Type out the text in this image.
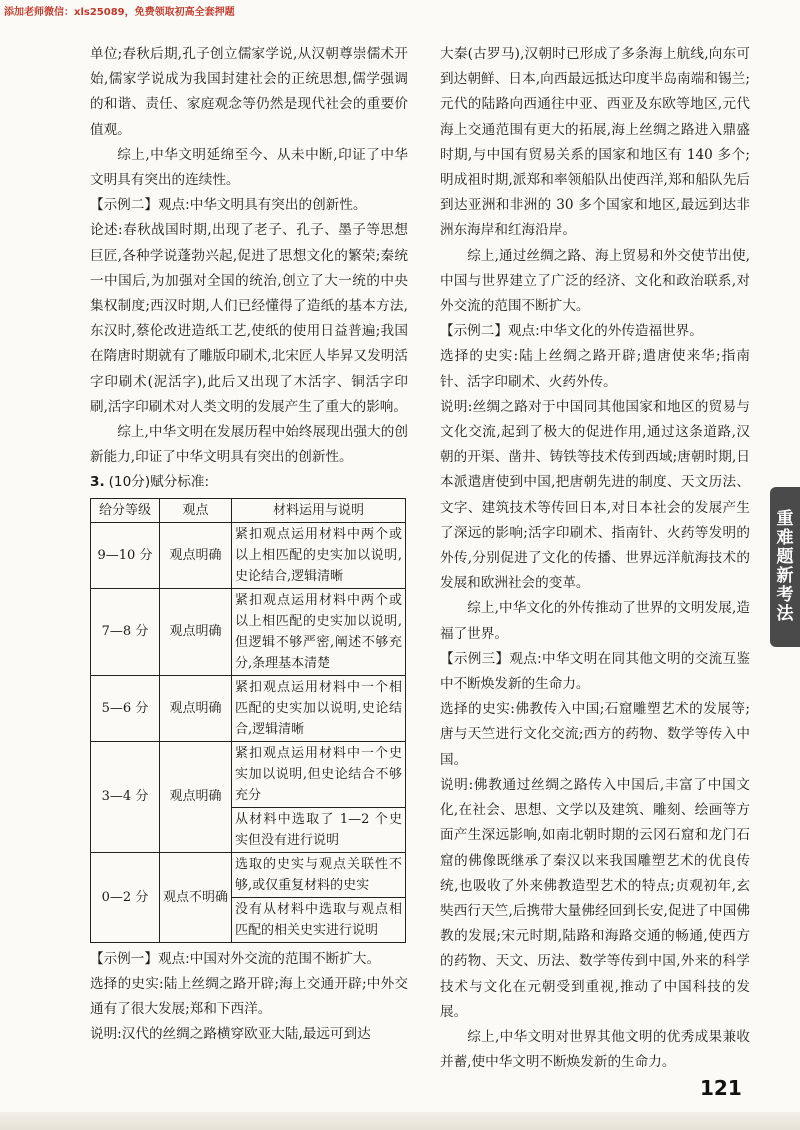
添加老师微信：xls25089，免费领取初高全套押题

单位;春秋后期,孔子创立儒家学说,从汉朝尊崇儒术开始,儒家学说成为我国封建社会的正统思想,儒学强调的和谐、责任、家庭观念等仍然是现代社会的重要价值观。

综上,中华文明延绵至今、从未中断,印证了中华文明具有突出的连续性。

【示例二】观点:中华文明具有突出的创新性。

论述:春秋战国时期,出现了老子、孔子、墨子等思想巨匠,各种学说蓬勃兴起,促进了思想文化的繁荣;秦统一中国后,为加强对全国的统治,创立了大一统的中央集权制度;西汉时期,人们已经懂得了造纸的基本方法,东汉时,蔡伦改进造纸工艺,使纸的使用日益普遍;我国在隋唐时期就有了雕版印刷术,北宋匠人毕昇又发明活字印刷术(泥活字),此后又出现了木活字、铜活字印刷,活字印刷术对人类文明的发展产生了重大的影响。

综上,中华文明在发展历程中始终展现出强大的创新能力,印证了中华文明具有突出的创新性。

3. (10分)赋分标准:

给分等级	观点	材料运用与说明
9—10 分	观点明确	紧扣观点运用材料中两个或以上相匹配的史实加以说明,史论结合,逻辑清晰
7—8 分	观点明确	紧扣观点运用材料中两个或以上相匹配的史实加以说明,但逻辑不够严密,阐述不够充分,条理基本清楚
5—6 分	观点明确	紧扣观点运用材料中一个相匹配的史实加以说明,史论结合,逻辑清晰
3—4 分	观点明确	紧扣观点运用材料中一个史实加以说明,但史论结合不够充分
		从材料中选取了 1—2 个史实但没有进行说明
0—2 分	观点不明确	选取的史实与观点关联性不够,或仅重复材料的史实
		没有从材料中选取与观点相匹配的相关史实进行说明

【示例一】观点:中国对外交流的范围不断扩大。

选择的史实:陆上丝绸之路开辟;海上交通开辟;中外交通有了很大发展;郑和下西洋。

说明:汉代的丝绸之路横穿欧亚大陆,最远可到达

大秦(古罗马),汉朝时已形成了多条海上航线,向东可到达朝鲜、日本,向西最远抵达印度半岛南端和锡兰;元代的陆路向西通往中亚、西亚及东欧等地区,元代海上交通范围有更大的拓展,海上丝绸之路进入鼎盛时期,与中国有贸易关系的国家和地区有 140 多个;明成祖时期,派郑和率领船队出使西洋,郑和船队先后到达亚洲和非洲的 30 多个国家和地区,最远到达非洲东海岸和红海沿岸。

综上,通过丝绸之路、海上贸易和外交使节出使,中国与世界建立了广泛的经济、文化和政治联系,对外交流的范围不断扩大。

【示例二】观点:中华文化的外传造福世界。

选择的史实:陆上丝绸之路开辟;遣唐使来华;指南针、活字印刷术、火药外传。

说明:丝绸之路对于中国同其他国家和地区的贸易与文化交流,起到了极大的促进作用,通过这条道路,汉朝的开渠、凿井、铸铁等技术传到西域;唐朝时期,日本派遣唐使到中国,把唐朝先进的制度、天文历法、文字、建筑技术等传回日本,对日本社会的发展产生了深远的影响;活字印刷术、指南针、火药等发明的外传,分别促进了文化的传播、世界远洋航海技术的发展和欧洲社会的变革。

综上,中华文化的外传推动了世界的文明发展,造福了世界。

【示例三】观点:中华文明在同其他文明的交流互鉴中不断焕发新的生命力。

选择的史实:佛教传入中国;石窟雕塑艺术的发展等;唐与天竺进行文化交流;西方的药物、数学等传入中国。

说明:佛教通过丝绸之路传入中国后,丰富了中国文化,在社会、思想、文学以及建筑、雕刻、绘画等方面产生深远影响,如南北朝时期的云冈石窟和龙门石窟的佛像既继承了秦汉以来我国雕塑艺术的优良传统,也吸收了外来佛教造型艺术的特点;贞观初年,玄奘西行天竺,后携带大量佛经回到长安,促进了中国佛教的发展;宋元时期,陆路和海路交通的畅通,使西方的药物、天文、历法、数学等传到中国,外来的科学技术与文化在元朝受到重视,推动了中国科技的发展。

综上,中华文明对世界其他文明的优秀成果兼收并蓄,使中华文明不断焕发新的生命力。

重
难
题
新
考
法
121
